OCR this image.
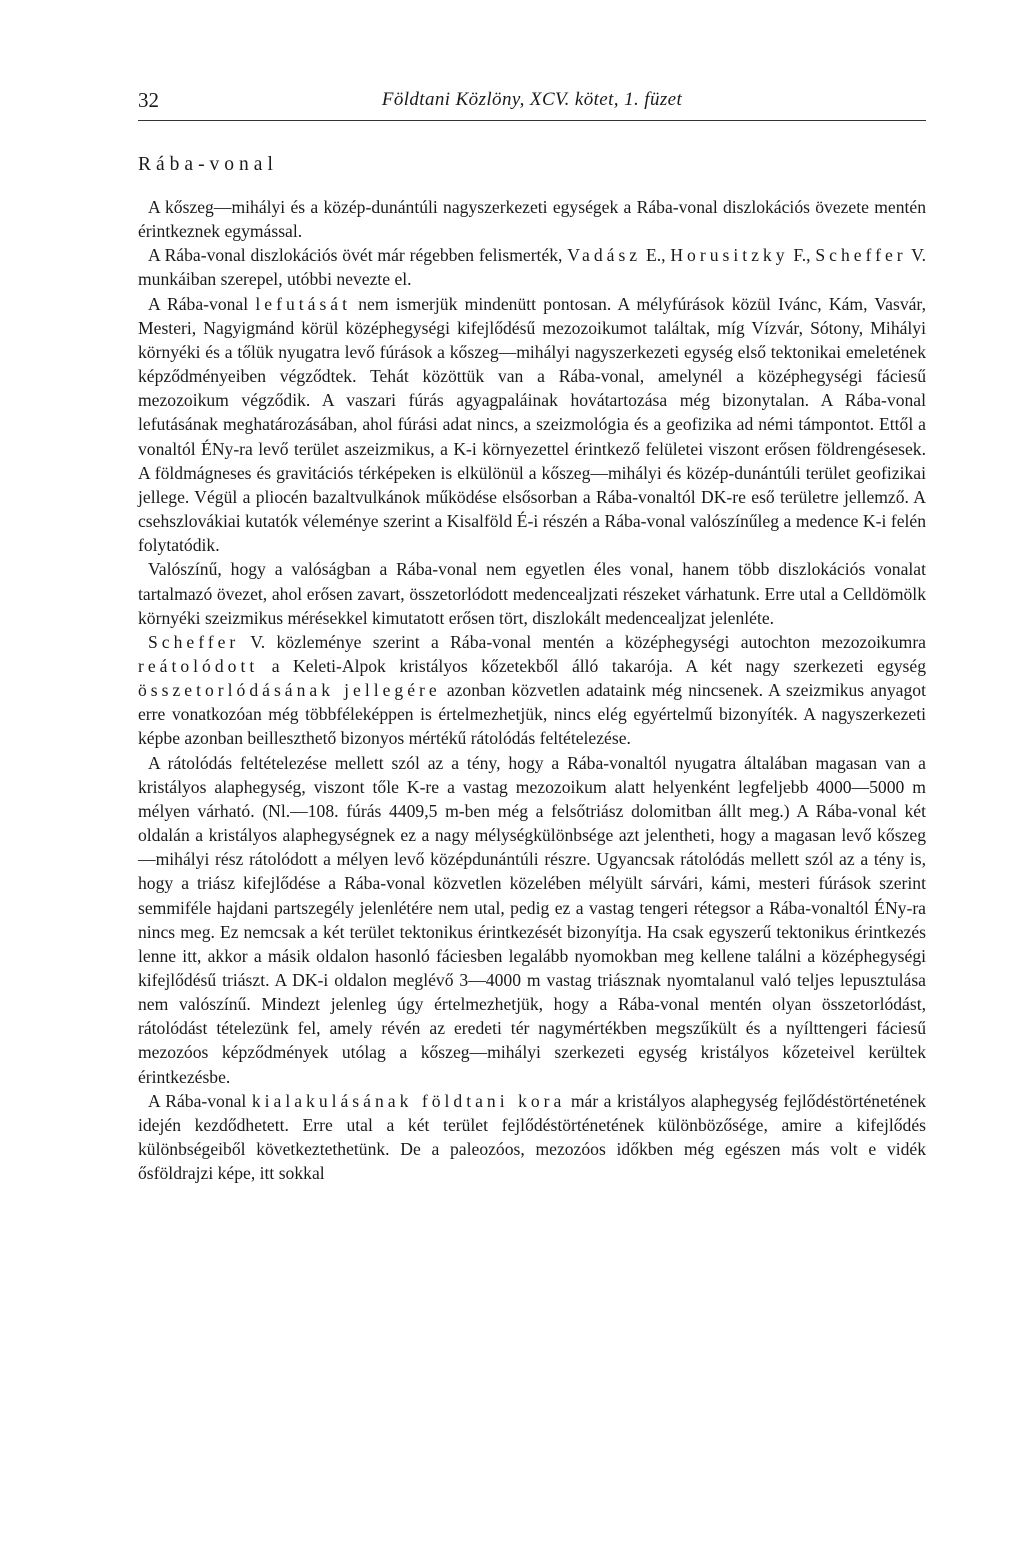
32	Földtani Közlöny, XCV. kötet, 1. füzet
Rába-vonal

A kőszeg—mihályi és a közép-dunántúli nagyszerkezeti egységek a Rába-vonal diszlokációs övezete mentén érintkeznek egymással.

A Rába-vonal diszlokációs övét már régebben felismerték, Vadász E., Horusitzky F., Scheffer V. munkáiban szerepel, utóbbi nevezte el.

A Rába-vonal lefutását nem ismerjük mindenütt pontosan. A mélyfúrások közül Ivánc, Kám, Vasvár, Mesteri, Nagyigmánd körül középhegységi kifejlődésű mezozoikumot találtak, míg Vízvár, Sótony, Mihályi környéki és a tőlük nyugatra levő fúrások a kőszeg—mihályi nagyszerkezeti egység első tektonikai emeletének képződményeiben végződtek. Tehát közöttük van a Rába-vonal, amelynél a középhegységi fáciesű mezozoikum végződik. A vaszari fúrás agyagpaláinak hovátartozása még bizonytalan. A Rába-vonal lefutásának meghatározásában, ahol fúrási adat nincs, a szeizmológia és a geofizika ad némi támpontot. Ettől a vonaltól ÉNy-ra levő terület aszeizmikus, a K-i környezettel érintkező felületei viszont erősen földrengésesek. A földmágneses és gravitációs térképeken is elkülönül a kőszeg—mihályi és közép-dunántúli terület geofizikai jellege. Végül a pliocén bazaltvulkánok működése elsősorban a Rába-vonaltól DK-re eső területre jellemző. A csehszlovákiai kutatók véleménye szerint a Kisalföld É-i részén a Rába-vonal valószínűleg a medence K-i felén folytatódik.

Valószínű, hogy a valóságban a Rába-vonal nem egyetlen éles vonal, hanem több diszlokációs vonalat tartalmazó övezet, ahol erősen zavart, összetorlódott medencealjzati részeket várhatunk. Erre utal a Celldömölk környéki szeizmikus mérésekkel kimutatott erősen tört, diszlokált medencealjzat jelenléte.

Scheffer V. közleménye szerint a Rába-vonal mentén a középhegységi autochton mezozoikumra reátolódott a Keleti-Alpok kristályos kőzetekből álló takarója. A két nagy szerkezeti egység összetorlódásának jellegére azonban közvetlen adataink még nincsenek. A szeizmikus anyagot erre vonatkozóan még többféleképpen is értelmezhetjük, nincs elég egyértelmű bizonyíték. A nagyszerkezeti képbe azonban beilleszthető bizonyos mértékű rátolódás feltételezése.

A rátolódás feltételezése mellett szól az a tény, hogy a Rába-vonaltól nyugatra általában magasan van a kristályos alaphegység, viszont tőle K-re a vastag mezozoikum alatt helyenként legfeljebb 4000—5000 m mélyen várható. (Nl.—108. fúrás 4409,5 m-ben még a felsőtriász dolomitban állt meg.) A Rába-vonal két oldalán a kristályos alaphegységnek ez a nagy mélységkülönbsége azt jelentheti, hogy a magasan levő kőszeg—mihályi rész rátolódott a mélyen levő középdunántúli részre. Ugyancsak rátolódás mellett szól az a tény is, hogy a triász kifejlődése a Rába-vonal közvetlen közelében mélyült sárvári, kámi, mesteri fúrások szerint semmiféle hajdani partszegély jelenlétére nem utal, pedig ez a vastag tengeri rétegsor a Rába-vonaltól ÉNy-ra nincs meg. Ez nemcsak a két terület tektonikus érintkezését bizonyítja. Ha csak egyszerű tektonikus érintkezés lenne itt, akkor a másik oldalon hasonló fáciesben legalább nyomokban meg kellene találni a középhegységi kifejlődésű triászt. A DK-i oldalon meglévő 3—4000 m vastag triásznak nyomtalanul való teljes lepusztulása nem valószínű. Mindezt jelenleg úgy értelmezhetjük, hogy a Rába-vonal mentén olyan összetorlódást, rátolódást tételezünk fel, amely révén az eredeti tér nagymértékben megszűkült és a nyílttengeri fáciesű mezozóos képződmények utólag a kőszeg—mihályi szerkezeti egység kristályos kőzeteivel kerültek érintkezésbe.

A Rába-vonal kialakulásának földtani kora már a kristályos alaphegység fejlődéstörténetének idején kezdődhetett. Erre utal a két terület fejlődéstörténetének különbözősége, amire a kifejlődés különbségeiből következtethetünk. De a paleozóos, mezozóos időkben még egészen más volt e vidék ősföldrajzi képe, itt sokkal
